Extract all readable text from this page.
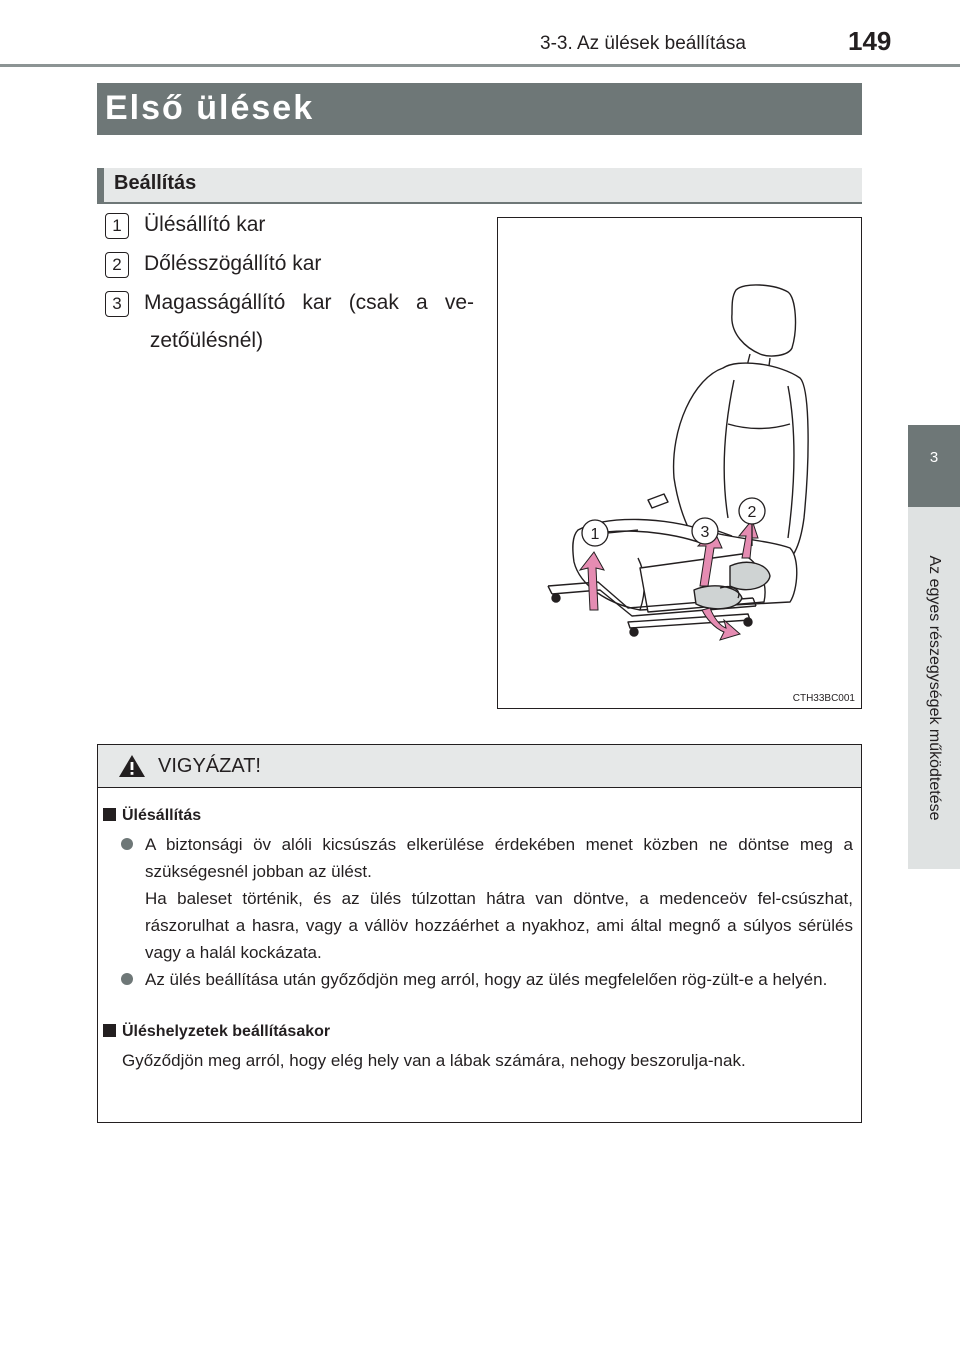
3-3. Az ülések beállítása	149
3
Az egyes részegységek működtetése
Első ülések
Beállítás
1	Ülésállító kar
2	Dőlésszögállító kar
3	Magasságállító kar (csak a ve- zetőülésnél)
1	3
2
CTH33BC001
VIGYÁZAT!
Ülésállítás

A biztonsági öv alóli kicsúszás elkerülése érdekében menet közben ne döntse meg a szükségesnél jobban az ülést.

Ha baleset történik, és az ülés túlzottan hátra van döntve, a medenceöv fel-csúszhat, rászorulhat a hasra, vagy a vállöv hozzáérhet a nyakhoz, ami által megnő a súlyos sérülés vagy a halál kockázata.

Az ülés beállítása után győződjön meg arról, hogy az ülés megfelelően rög-zült-e a helyén.

Üléshelyzetek beállításakor
Győződjön meg arról, hogy elég hely van a lábak számára, nehogy beszorulja-nak.
